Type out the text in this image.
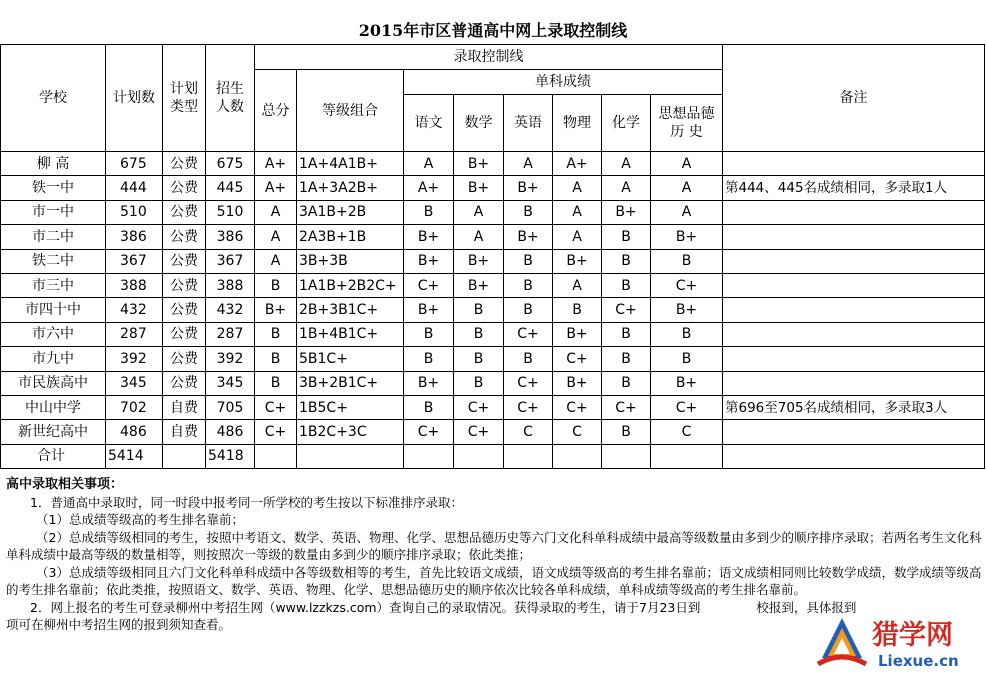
2015年市区普通高中网上录取控制线
学校	计划数	计划类型	招生人数	录取控制线								备注
				总分	等级组合	单科成绩						
						语文	数学	英语	物理	化学	思想品德历 史	
柳 高	675	公费	675	A+	1A+4A1B+	A	B+	A	A+	A	A	
铁一中	444	公费	445	A+	1A+3A2B+	A+	B+	B+	A	A	A	第444、445名成绩相同，多录取1人
市一中	510	公费	510	A	3A1B+2B	B	A	B	A	B+	A	
市二中	386	公费	386	A	2A3B+1B	B+	A	B+	A	B	B+	
铁二中	367	公费	367	A	3B+3B	B+	B+	B	B+	B	B	
市三中	388	公费	388	B	1A1B+2B2C+	C+	B+	B	A	B	C+	
市四十中	432	公费	432	B+	2B+3B1C+	B+	B	B	B	C+	B+	
市六中	287	公费	287	B	1B+4B1C+	B	B	C+	B+	B	B	
市九中	392	公费	392	B	5B1C+	B	B	B	C+	B	B	
市民族高中	345	公费	345	B	3B+2B1C+	B+	B	C+	B+	B	B+	
中山中学	702	自费	705	C+	1B5C+	B	C+	C+	C+	C+	C+	第696至705名成绩相同，多录取3人
新世纪高中	486	自费	486	C+	1B2C+3C	C+	C+	C	C	B	C	
合计	5414		5418									

高中录取相关事项：

1．普通高中录取时，同一时段中报考同一所学校的考生按以下标准排序录取：

（1）总成绩等级高的考生排名靠前；

（2）总成绩等级相同的考生，按照中考语文、数学、英语、物理、化学、思想品德历史等六门文化科单科成绩中最高等级数量由多到少的顺序排序录取；若两名考生文化科单科成绩中最高等级的数量相等，则按照次一等级的数量由多到少的顺序排序录取；依此类推；

（3）总成绩等级相同且六门文化科单科成绩中各等级数相等的考生，首先比较语文成绩，语文成绩等级高的考生排名靠前；语文成绩相同则比较数学成绩，数学成绩等级高的考生排名靠前；依此类推，按照语文、数学、英语、物理、化学、思想品德历史的顺序依次比较各单科成绩，单科成绩等级高的考生排名靠前。

2．网上报名的考生可登录柳州中考招生网（www.lzzkzs.com）查询自己的录取情况。获得录取的考生，请于7月23日到	校报到，具体报到

项可在柳州中考招生网的报到须知查看。	猎学网
Liexue.cn
